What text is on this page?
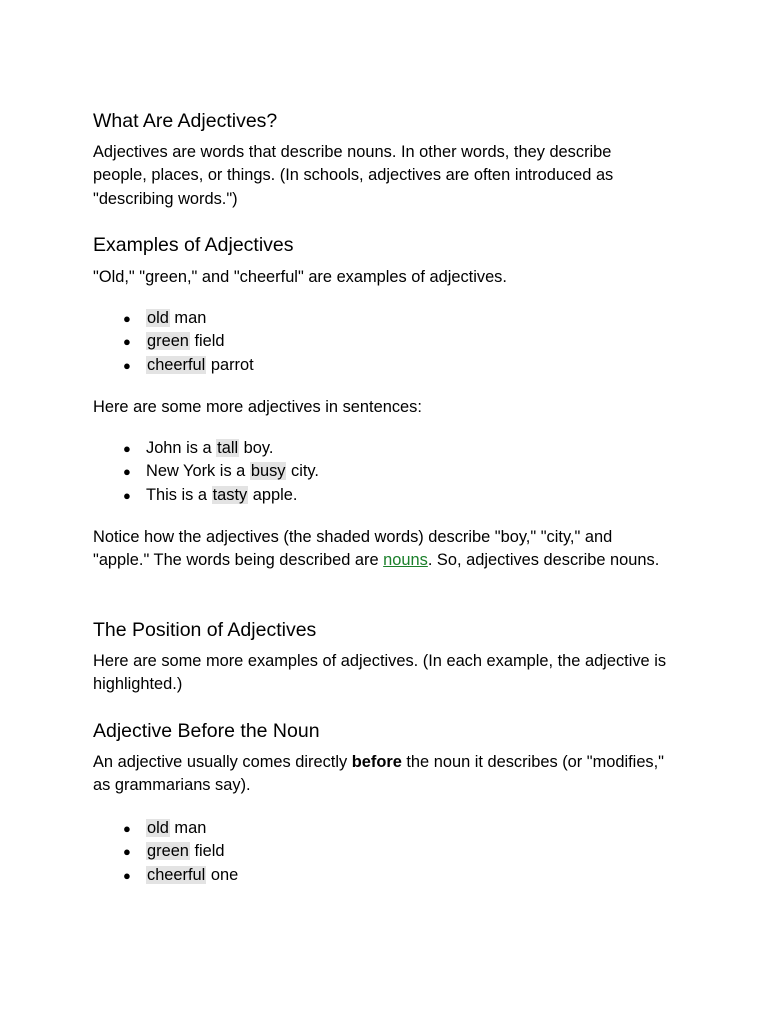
What Are Adjectives?

Adjectives are words that describe nouns. In other words, they describe people, places, or things. (In schools, adjectives are often introduced as "describing words.")

Examples of Adjectives

"Old," "green," and "cheerful" are examples of adjectives.

● old man
● green field
● cheerful parrot

Here are some more adjectives in sentences:

● John is a tall boy.
● New York is a busy city.
● This is a tasty apple.

Notice how the adjectives (the shaded words) describe "boy," "city," and "apple." The words being described are nouns. So, adjectives describe nouns.

The Position of Adjectives

Here are some more examples of adjectives. (In each example, the adjective is highlighted.)

Adjective Before the Noun

An adjective usually comes directly before the noun it describes (or "modifies," as grammarians say).

● old man
● green field
● cheerful one
